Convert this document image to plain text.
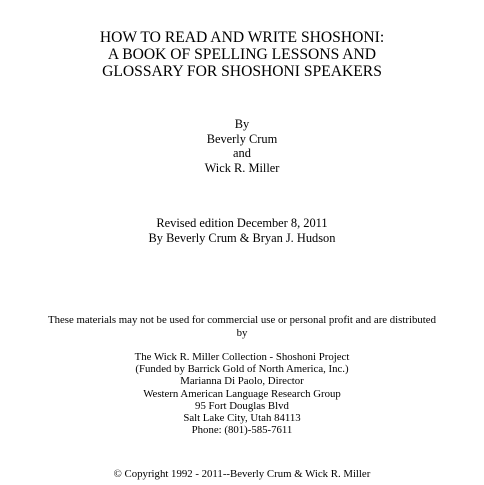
HOW TO READ AND WRITE SHOSHONI:
A BOOK OF SPELLING LESSONS AND
GLOSSARY FOR SHOSHONI SPEAKERS
By
Beverly Crum
and
Wick R. Miller
Revised edition December 8, 2011
By Beverly Crum & Bryan J. Hudson
These materials may not be used for commercial use or personal profit and are distributed
by
The Wick R. Miller Collection - Shoshoni Project
(Funded by Barrick Gold of North America, Inc.)
Marianna Di Paolo, Director
Western American Language Research Group
95 Fort Douglas Blvd
Salt Lake City, Utah 84113
Phone: (801)-585-7611
© Copyright 1992 - 2011--Beverly Crum & Wick R. Miller
